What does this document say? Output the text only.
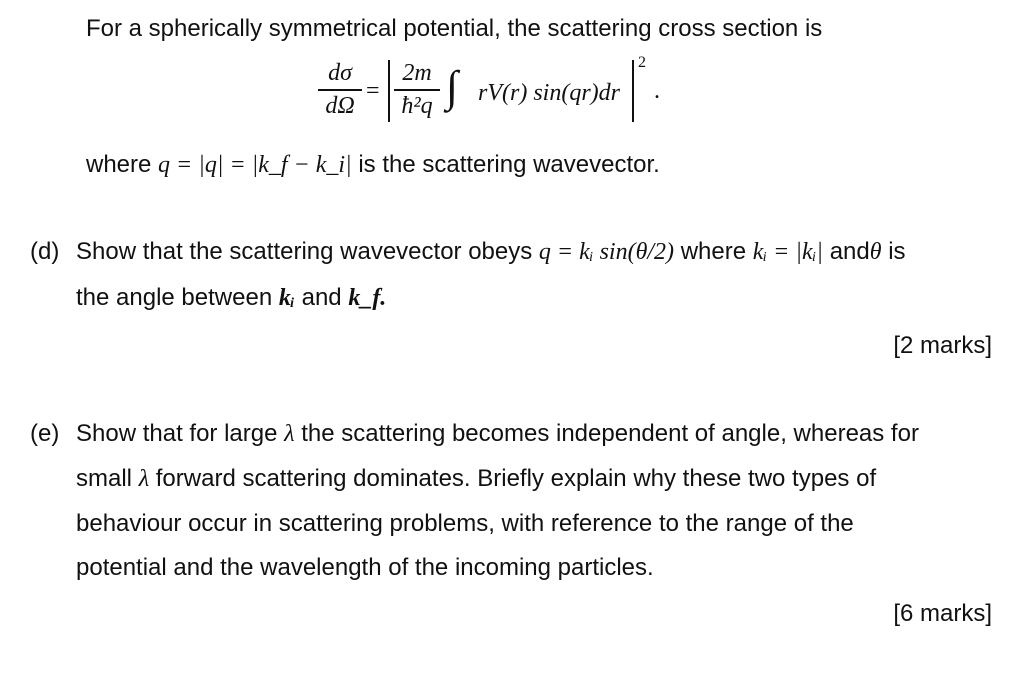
For a spherically symmetrical potential, the scattering cross section is
dσ
dΩ
=
2m
ħ²q ∫ rV(r) sin(qr)dr
2
.
where q = |q| = |k_f − k_i| is the scattering wavevector.
(d) Show that the scattering wavevector obeys q = kᵢ sin(θ/2) where kᵢ = |kᵢ| andθ is
the angle between kᵢ and k_f.
[2 marks]
(e) Show that for large λ the scattering becomes independent of angle, whereas for
small λ forward scattering dominates. Briefly explain why these two types of
behaviour occur in scattering problems, with reference to the range of the
potential and the wavelength of the incoming particles.
[6 marks]
